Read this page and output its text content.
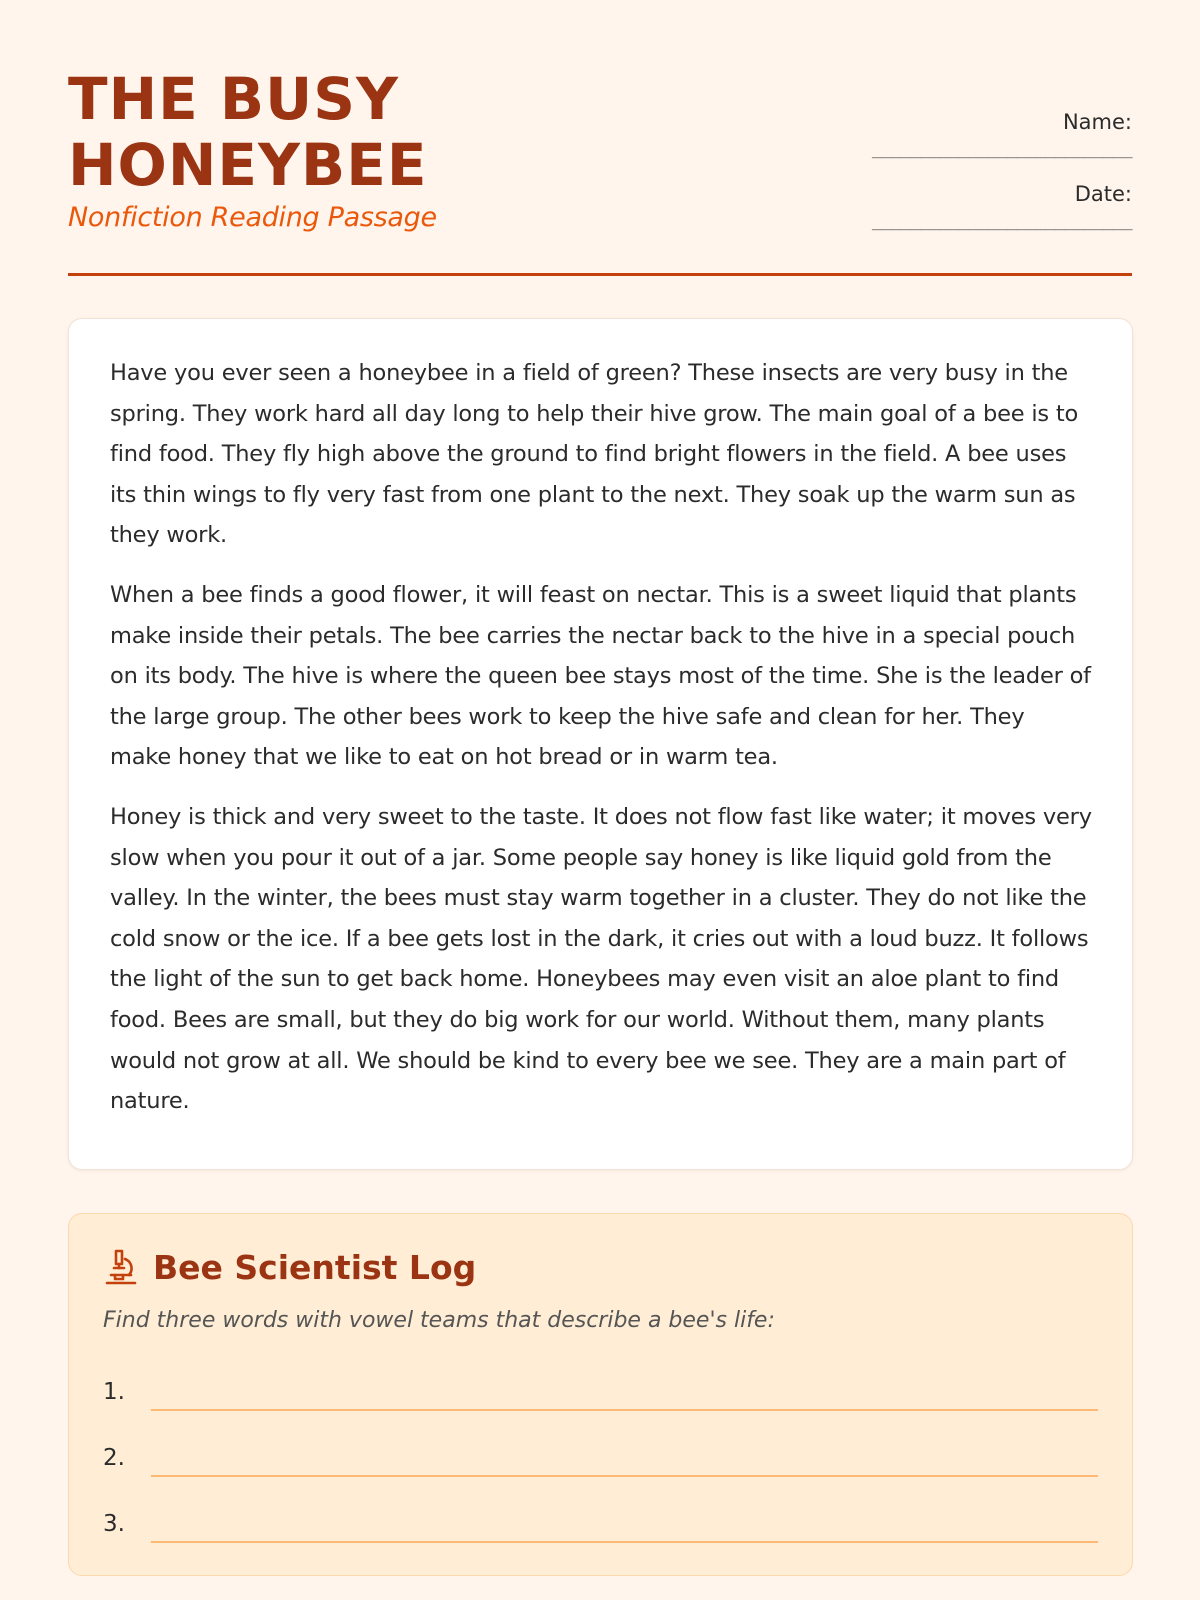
THE BUSY HONEYBEE
Nonfiction Reading Passage
Name:
___________________________
Date:
___________________________

Have you ever seen a honeybee in a field of green? These insects are very busy in the spring. They work hard all day long to help their hive grow. The main goal of a bee is to find food. They fly high above the ground to find bright flowers in the field. A bee uses its thin wings to fly very fast from one plant to the next. They soak up the warm sun as they work.

When a bee finds a good flower, it will feast on nectar. This is a sweet liquid that plants make inside their petals. The bee carries the nectar back to the hive in a special pouch on its body. The hive is where the queen bee stays most of the time. She is the leader of the large group. The other bees work to keep the hive safe and clean for her. They make honey that we like to eat on hot bread or in warm tea.

Honey is thick and very sweet to the taste. It does not flow fast like water; it moves very slow when you pour it out of a jar. Some people say honey is like liquid gold from the valley. In the winter, the bees must stay warm together in a cluster. They do not like the cold snow or the ice. If a bee gets lost in the dark, it cries out with a loud buzz. It follows the light of the sun to get back home. Honeybees may even visit an aloe plant to find food. Bees are small, but they do big work for our world. Without them, many plants would not grow at all. We should be kind to every bee we see. They are a main part of nature.

Bee Scientist Log
Find three words with vowel teams that describe a bee's life:
1.
2.
3.
